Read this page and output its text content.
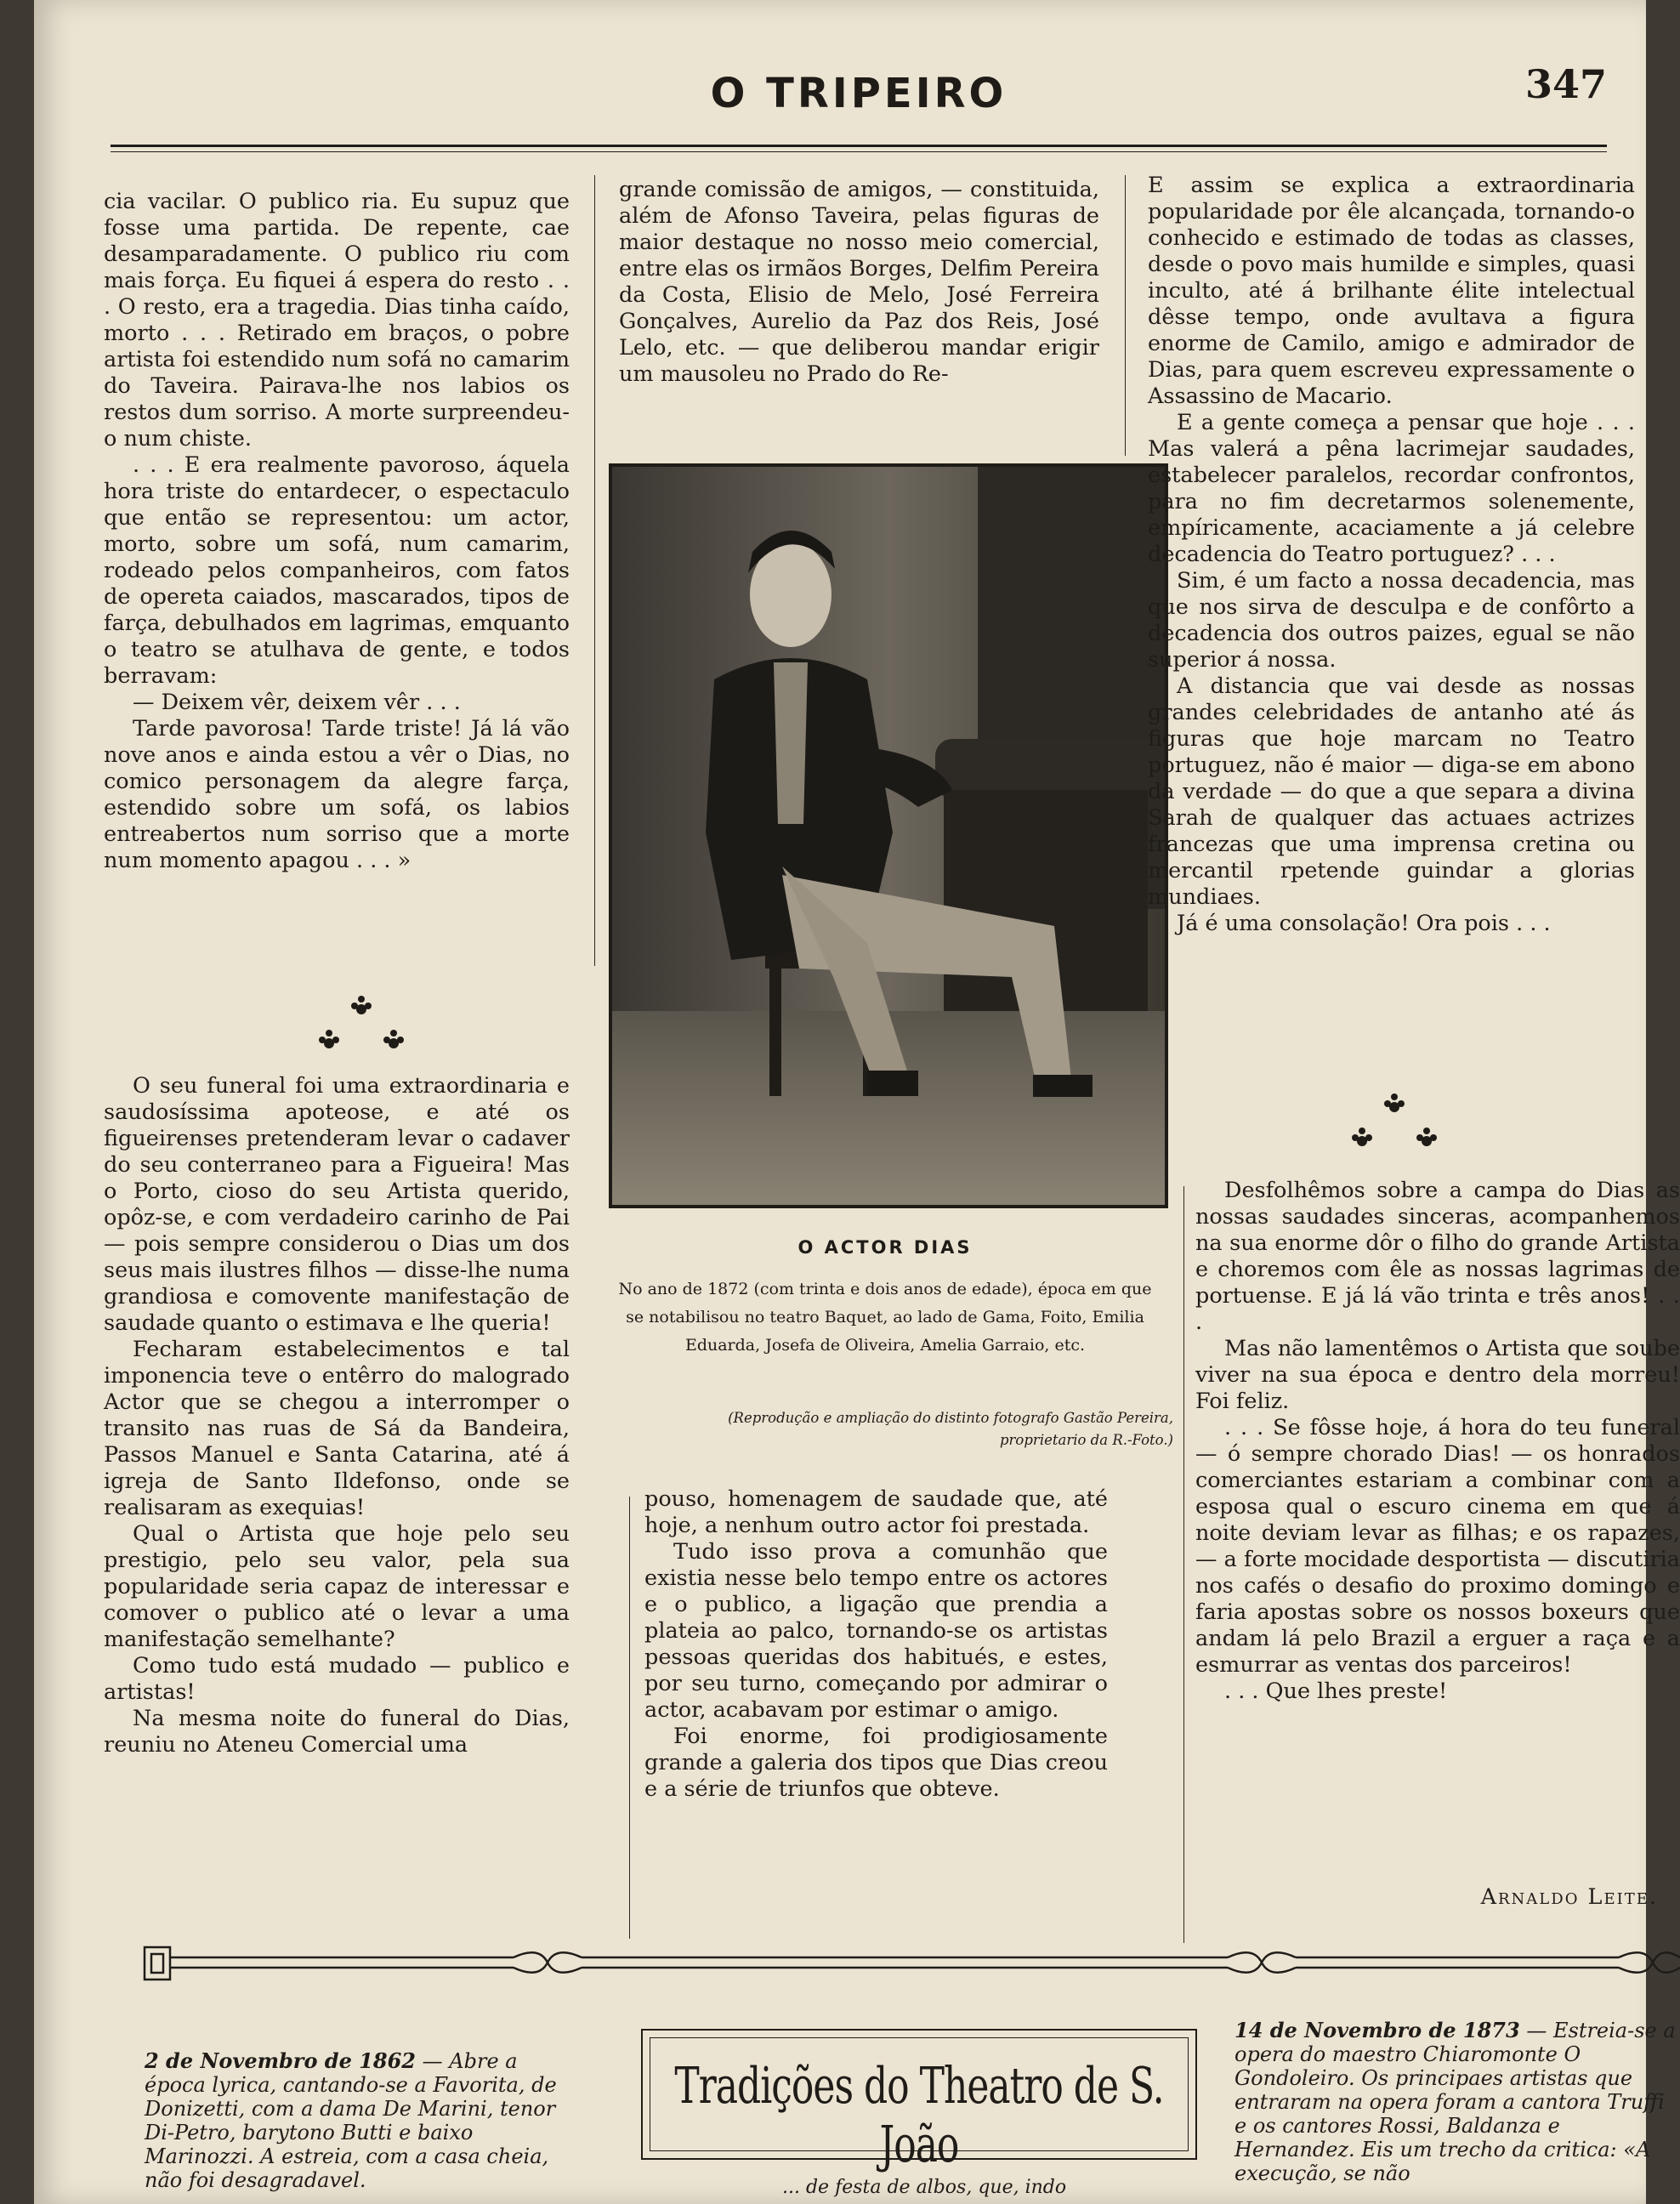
O TRIPEIRO	347

cia vacilar. O publico ria. Eu supuz que fosse uma partida. De repente, cae desamparadamente. O publico riu com mais força. Eu fiquei á espera do resto . . . O resto, era a tragedia. Dias tinha caído, morto . . . Retirado em braços, o pobre artista foi estendido num sofá no camarim do Taveira. Pairava-lhe nos labios os restos dum sorriso. A morte surpreendeu-o num chiste.

. . . E era realmente pavoroso, áquela hora triste do entardecer, o espectaculo que então se representou: um actor, morto, sobre um sofá, num camarim, rodeado pelos companheiros, com fatos de opereta caiados, mascarados, tipos de farça, debulhados em lagrimas, emquanto o teatro se atulhava de gente, e todos berravam:

— Deixem vêr, deixem vêr . . .

Tarde pavorosa! Tarde triste! Já lá vão nove anos e ainda estou a vêr o Dias, no comico personagem da alegre farça, estendido sobre um sofá, os labios entreabertos num sorriso que a morte num momento apagou . . . »

O seu funeral foi uma extraordinaria e saudosíssima apoteose, e até os figueirenses pretenderam levar o cadaver do seu conterraneo para a Figueira! Mas o Porto, cioso do seu Artista querido, opôz-se, e com verdadeiro carinho de Pai — pois sempre considerou o Dias um dos seus mais ilustres filhos — disse-lhe numa grandiosa e comovente manifestação de saudade quanto o estimava e lhe queria!

Fecharam estabelecimentos e tal imponencia teve o entêrro do malogrado Actor que se chegou a interromper o transito nas ruas de Sá da Bandeira, Passos Manuel e Santa Catarina, até á igreja de Santo Ildefonso, onde se realisaram as exequias!

Qual o Artista que hoje pelo seu prestigio, pelo seu valor, pela sua popularidade seria capaz de interessar e comover o publico até o levar a uma manifestação semelhante?

Como tudo está mudado — publico e artistas!

Na mesma noite do funeral do Dias, reuniu no Ateneu Comercial uma

grande comissão de amigos, — constituida, além de Afonso Taveira, pelas figuras de maior destaque no nosso meio comercial, entre elas os irmãos Borges, Delfim Pereira da Costa, Elisio de Melo, José Ferreira Gonçalves, Aurelio da Paz dos Reis, José Lelo, etc. — que deliberou mandar erigir um mausoleu no Prado do Re-

O ACTOR DIAS
No ano de 1872 (com trinta e dois anos de edade), época em que se notabilisou no teatro Baquet, ao lado de Gama, Foito, Emilia Eduarda, Josefa de Oliveira, Amelia Garraio, etc.
(Reprodução e ampliação do distinto fotografo Gastão Pereira, proprietario da R.-Foto.)

pouso, homenagem de saudade que, até hoje, a nenhum outro actor foi prestada.

Tudo isso prova a comunhão que existia nesse belo tempo entre os actores e o publico, a ligação que prendia a plateia ao palco, tornando-se os artistas pessoas queridas dos habitués, e estes, por seu turno, começando por admirar o actor, acabavam por estimar o amigo.

Foi enorme, foi prodigiosamente grande a galeria dos tipos que Dias creou e a série de triunfos que obteve.

E assim se explica a extraordinaria popularidade por êle alcançada, tornando-o conhecido e estimado de todas as classes, desde o povo mais humilde e simples, quasi inculto, até á brilhante élite intelectual dêsse tempo, onde avultava a figura enorme de Camilo, amigo e admirador de Dias, para quem escreveu expressamente o Assassino de Macario.

E a gente começa a pensar que hoje . . . Mas valerá a pêna lacrimejar saudades, estabelecer paralelos, recordar confrontos, para no fim decretarmos solenemente, empíricamente, acaciamente a já celebre decadencia do Teatro portuguez? . . .

Sim, é um facto a nossa decadencia, mas que nos sirva de desculpa e de confôrto a decadencia dos outros paizes, egual se não superior á nossa.

A distancia que vai desde as nossas grandes celebridades de antanho até ás figuras que hoje marcam no Teatro portuguez, não é maior — diga-se em abono da verdade — do que a que separa a divina Sarah de qualquer das actuaes actrizes francezas que uma imprensa cretina ou mercantil rpetende guindar a glorias mundiaes.

Já é uma consolação! Ora pois . . .

Desfolhêmos sobre a campa do Dias as nossas saudades sinceras, acompanhemos na sua enorme dôr o filho do grande Artista e choremos com êle as nossas lagrimas de portuense. E já lá vão trinta e três anos! . . .

Mas não lamentêmos o Artista que soube viver na sua época e dentro dela morreu! Foi feliz.

. . . Se fôsse hoje, á hora do teu funeral — ó sempre chorado Dias! — os honrados comerciantes estariam a combinar com a esposa qual o escuro cinema em que á noite deviam levar as filhas; e os rapazes, — a forte mocidade desportista — discutiria nos cafés o desafio do proximo domingo e faria apostas sobre os nossos boxeurs que andam lá pelo Brazil a erguer a raça e a esmurrar as ventas dos parceiros!

. . . Que lhes preste!

Arnaldo Leite.
2 de Novembro de 1862 — Abre a época lyrica, cantando-se a Favorita, de Donizetti, com a dama De Marini, tenor Di-Petro, barytono Butti e baixo Marinozzi. A estreia, com a casa cheia, não foi desagradavel.
Tradições do Theatro de S. João
14 de Novembro de 1873 — Estreia-se a opera do maestro Chiaromonte O Gondoleiro. Os principaes artistas que entraram na opera foram a cantora Truffi e os cantores Rossi, Baldanza e Hernandez. Eis um trecho da critica: «A execução, se não
... de festa de albos, que, indo
